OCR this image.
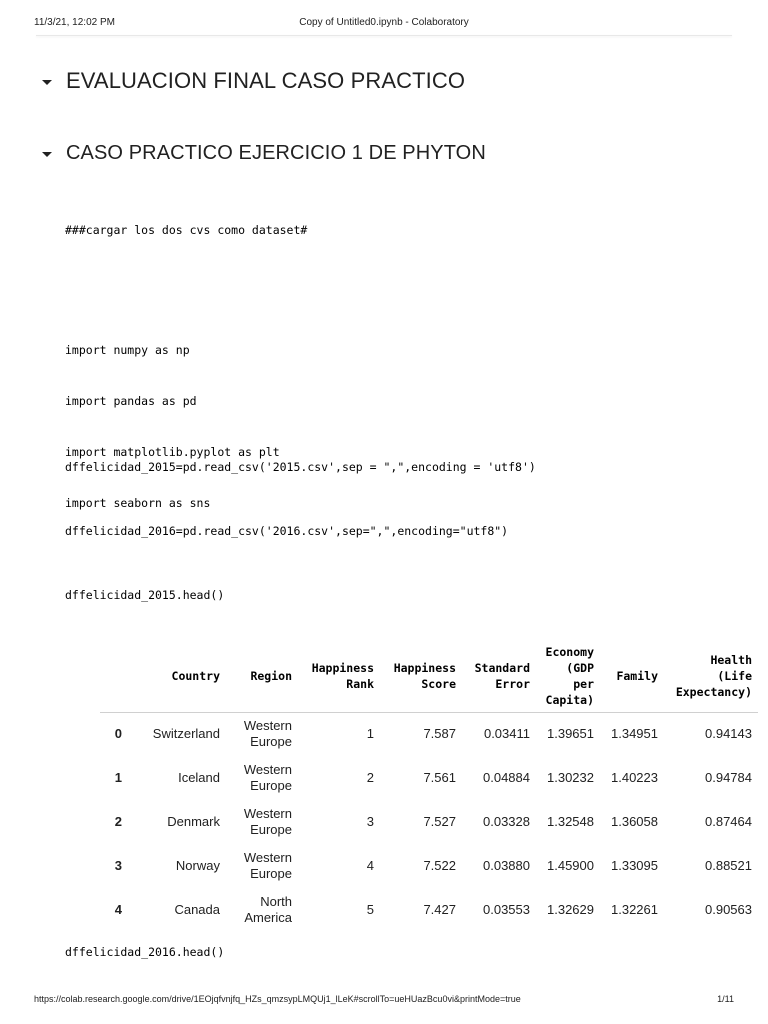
11/3/21, 12:02 PM	Copy of Untitled0.ipynb - Colaboratory
EVALUACION FINAL CASO PRACTICO
CASO PRACTICO EJERCICIO 1 DE PHYTON
###cargar los dos cvs como dataset#

import numpy as np

import pandas as pd

import matplotlib.pyplot as plt

import seaborn as sns

dffelicidad_2015=pd.read_csv('2015.csv',sep = ",",encoding = 'utf8')
dffelicidad_2016=pd.read_csv('2016.csv',sep=",",encoding="utf8")
dffelicidad_2015.head()
	Country	Region	Happiness
Rank	Happiness
Score	Standard
Error	Economy
(GDP
per
Capita)	Family	Health
(Life
Expectancy)
0	Switzerland	Western
Europe	1	7.587	0.03411	1.39651	1.34951	0.94143
1	Iceland	Western
Europe	2	7.561	0.04884	1.30232	1.40223	0.94784
2	Denmark	Western
Europe	3	7.527	0.03328	1.32548	1.36058	0.87464
3	Norway	Western
Europe	4	7.522	0.03880	1.45900	1.33095	0.88521
4	Canada	North
America	5	7.427	0.03553	1.32629	1.32261	0.90563
dffelicidad_2016.head()
https://colab.research.google.com/drive/1EOjqfvnjfq_HZs_qmzsypLMQUj1_lLeK#scrollTo=ueHUazBcu0vi&printMode=true	1/11
